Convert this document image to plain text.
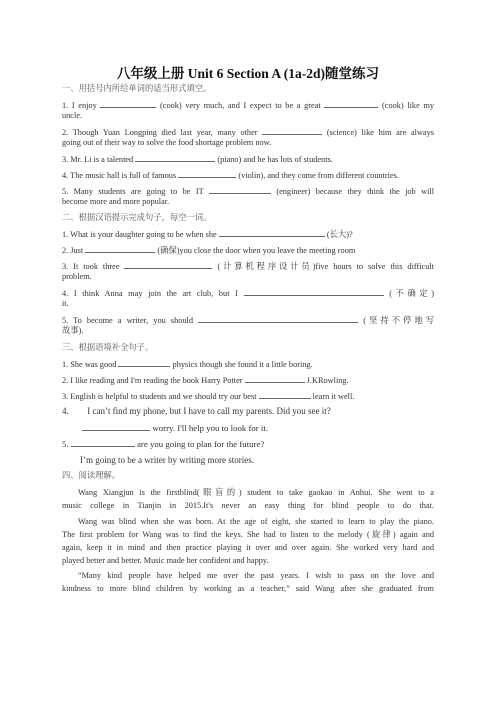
八年级上册 Unit 6 Section A (1a-2d)随堂练习
一、用括号内所给单词的适当形式填空。
1. I enjoy	(cook) very much, and I expect to be a great	(cook) like my
uncle.
2. Though Yuan Longping died last year, many other	(science) like him are always
going out of their way to solve the food shortage problem now.
3. Mr. Li is a talented	(piano) and he has lots of students.
4. The music hall is full of famous	(violin), and they come from different countries.
5. Many students are going to be IT	(engineer) because they think the job will
become more and more popular.
二、根据汉语提示完成句子，每空一词。
1. What is your daughter going to be when she	(长大)?
2. Just	(确保)you close the door when you leave the meeting room
3. It took three	(计算机程序设计员)five hours to solve this difficult
problem.
4. I think Anna may join the art club, but I	(不确定)
it.
5. To become a writer, you should	(坚持不停地写
故事).
三、根据语境补全句子。
1. She was good	physics though she found it a little boring.
2. I like reading and I'm reading the book Harry Potter	J.KRowling.
3. English is helpful to students and we should try our best	learn it well.
4. I can’t find my phone, but I have to call my parents. Did you see it?
worry. I'll help you to look for it.
5.	are you going to plan for the future?
I’m going to be a writer by writing more stories.
四、阅读理解。
Wang Xiangjun is the firstblind(眼盲的) student to take gaokao in Anhui. She went to a
music college in Tianjin in 2015.It's never an easy thing for blind people to do that.
Wang was blind when she was born. At the age of eight, she started to learn to play the piano.
The first problem for Wang was to find the keys. She had to listen to the melody (旋律) again and
again, keep it in mind and then practice playing it over and over again. She worked very hard and
played better and better. Music made her confident and happy.
“Many kind people have helped me over the past years. I wish to pass on the love and
kindness to more blind children by working as a teacher,” said Wang after she graduated from
